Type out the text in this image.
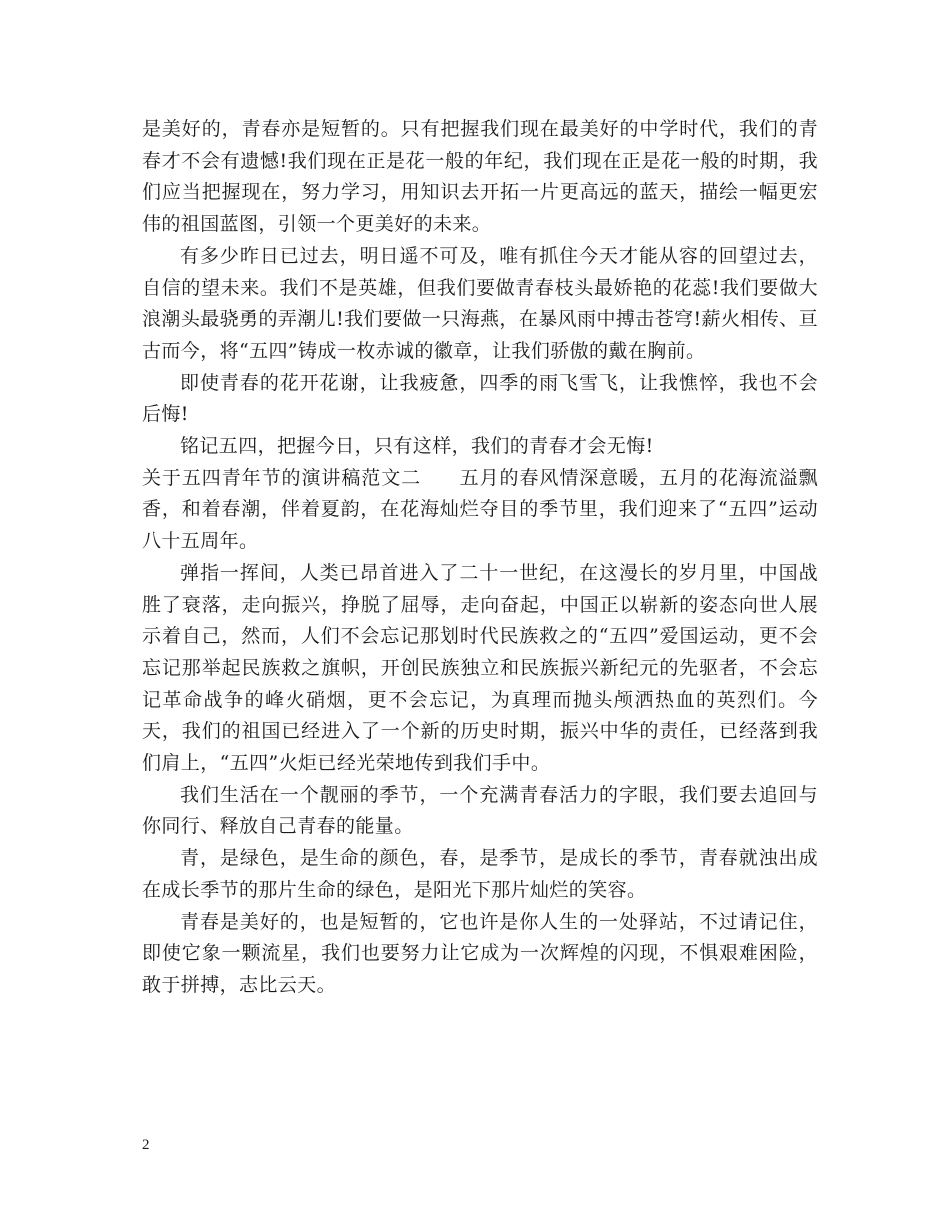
是美好的，青春亦是短暂的。只有把握我们现在最美好的中学时代，我们的青春才不会有遗憾!我们现在正是花一般的年纪，我们现在正是花一般的时期，我们应当把握现在，努力学习，用知识去开拓一片更高远的蓝天，描绘一幅更宏伟的祖国蓝图，引领一个更美好的未来。

有多少昨日已过去，明日遥不可及，唯有抓住今天才能从容的回望过去，自信的望未来。我们不是英雄，但我们要做青春枝头最娇艳的花蕊!我们要做大浪潮头最骁勇的弄潮儿!我们要做一只海燕，在暴风雨中搏击苍穹!薪火相传、亘古而今，将“五四”铸成一枚赤诚的徽章，让我们骄傲的戴在胸前。

即使青春的花开花谢，让我疲惫，四季的雨飞雪飞，让我憔悴，我也不会后悔!

铭记五四，把握今日，只有这样，我们的青春才会无悔!

关于五四青年节的演讲稿范文二 五月的春风情深意暖，五月的花海流溢飘香，和着春潮，伴着夏韵，在花海灿烂夺目的季节里，我们迎来了“五四”运动八十五周年。

弹指一挥间，人类已昂首进入了二十一世纪，在这漫长的岁月里，中国战胜了衰落，走向振兴，挣脱了屈辱，走向奋起，中国正以崭新的姿态向世人展示着自己，然而，人们不会忘记那划时代民族救之的“五四”爱国运动，更不会忘记那举起民族救之旗帜，开创民族独立和民族振兴新纪元的先驱者，不会忘记革命战争的峰火硝烟，更不会忘记，为真理而抛头颅洒热血的英烈们。今天，我们的祖国已经进入了一个新的历史时期，振兴中华的责任，已经落到我们肩上，“五四”火炬已经光荣地传到我们手中。

我们生活在一个靓丽的季节，一个充满青春活力的字眼，我们要去追回与你同行、释放自己青春的能量。

青，是绿色，是生命的颜色，春，是季节，是成长的季节，青春就浊出成在成长季节的那片生命的绿色，是阳光下那片灿烂的笑容。

青春是美好的，也是短暂的，它也许是你人生的一处驿站，不过请记住，即使它象一颗流星，我们也要努力让它成为一次辉煌的闪现，不惧艰难困险，敢于拼搏，志比云天。

2
